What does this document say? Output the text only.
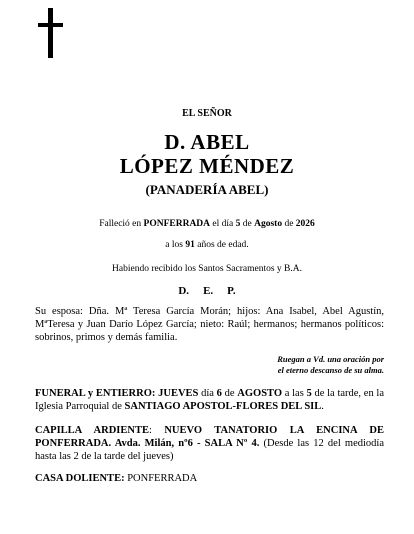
EL SEÑOR
D. ABEL
LÓPEZ MÉNDEZ
(PANADERÍA ABEL)
Falleció en PONFERRADA el día 5 de Agosto de 2026
a los 91 años de edad.
Habiendo recibido los Santos Sacramentos y B.A.
D. E. P.
Su esposa: Dña. Mª Teresa García Morán; hijos: Ana Isabel, Abel Agustín, MªTeresa y Juan Darío López García; nieto: Raúl; hermanos; hermanos políticos: sobrinos, primos y demás familia.
Ruegan a Vd. una oración por
el eterno descanso de su alma.
FUNERAL y ENTIERRO: JUEVES día 6 de AGOSTO a las 5 de la tarde, en la Iglesia Parroquial de SANTIAGO APOSTOL-FLORES DEL SIL.
CAPILLA ARDIENTE: NUEVO TANATORIO LA ENCINA DE PONFERRADA. Avda. Milán, nº6 - SALA Nº 4. (Desde las 12 del mediodía hasta las 2 de la tarde del jueves)
CASA DOLIENTE: PONFERRADA
